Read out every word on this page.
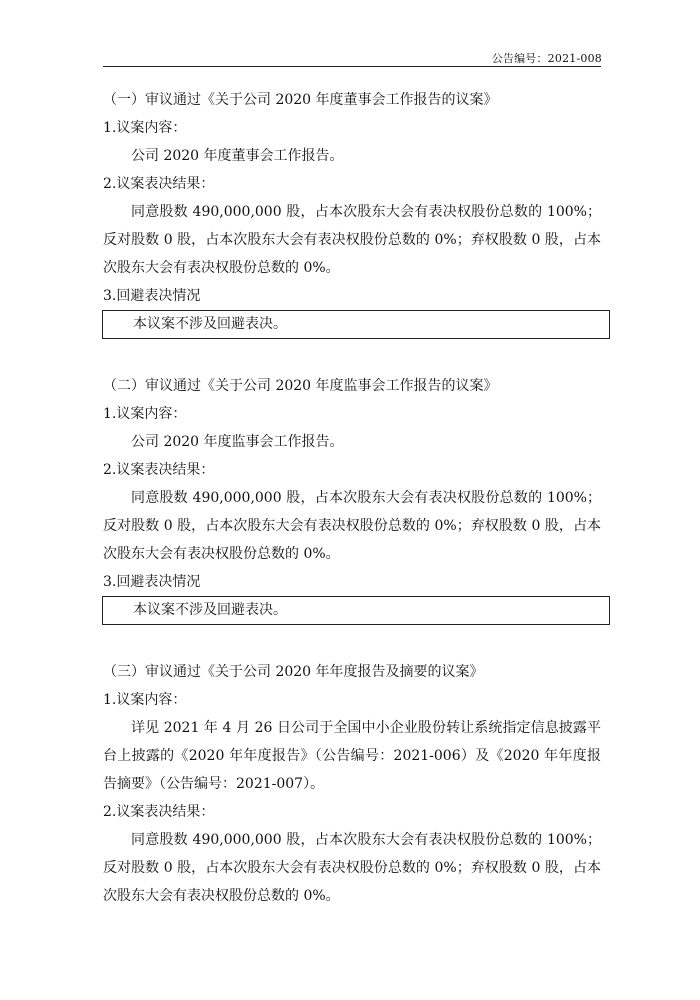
公告编号：2021-008
（一）审议通过《关于公司 2020 年度董事会工作报告的议案》
1.议案内容：
公司 2020 年度董事会工作报告。
2.议案表决结果：
同意股数 490,000,000 股，占本次股东大会有表决权股份总数的 100%；反对股数 0 股，占本次股东大会有表决权股份总数的 0%；弃权股数 0 股，占本次股东大会有表决权股份总数的 0%。
3.回避表决情况
本议案不涉及回避表决。
（二）审议通过《关于公司 2020 年度监事会工作报告的议案》
1.议案内容：
公司 2020 年度监事会工作报告。
2.议案表决结果：
同意股数 490,000,000 股，占本次股东大会有表决权股份总数的 100%；反对股数 0 股，占本次股东大会有表决权股份总数的 0%；弃权股数 0 股，占本次股东大会有表决权股份总数的 0%。
3.回避表决情况
本议案不涉及回避表决。
（三）审议通过《关于公司 2020 年年度报告及摘要的议案》
1.议案内容：
详见 2021 年 4 月 26 日公司于全国中小企业股份转让系统指定信息披露平台上披露的《2020 年年度报告》（公告编号：2021-006）及《2020 年年度报告摘要》（公告编号：2021-007）。
2.议案表决结果：
同意股数 490,000,000 股，占本次股东大会有表决权股份总数的 100%；反对股数 0 股，占本次股东大会有表决权股份总数的 0%；弃权股数 0 股，占本次股东大会有表决权股份总数的 0%。
